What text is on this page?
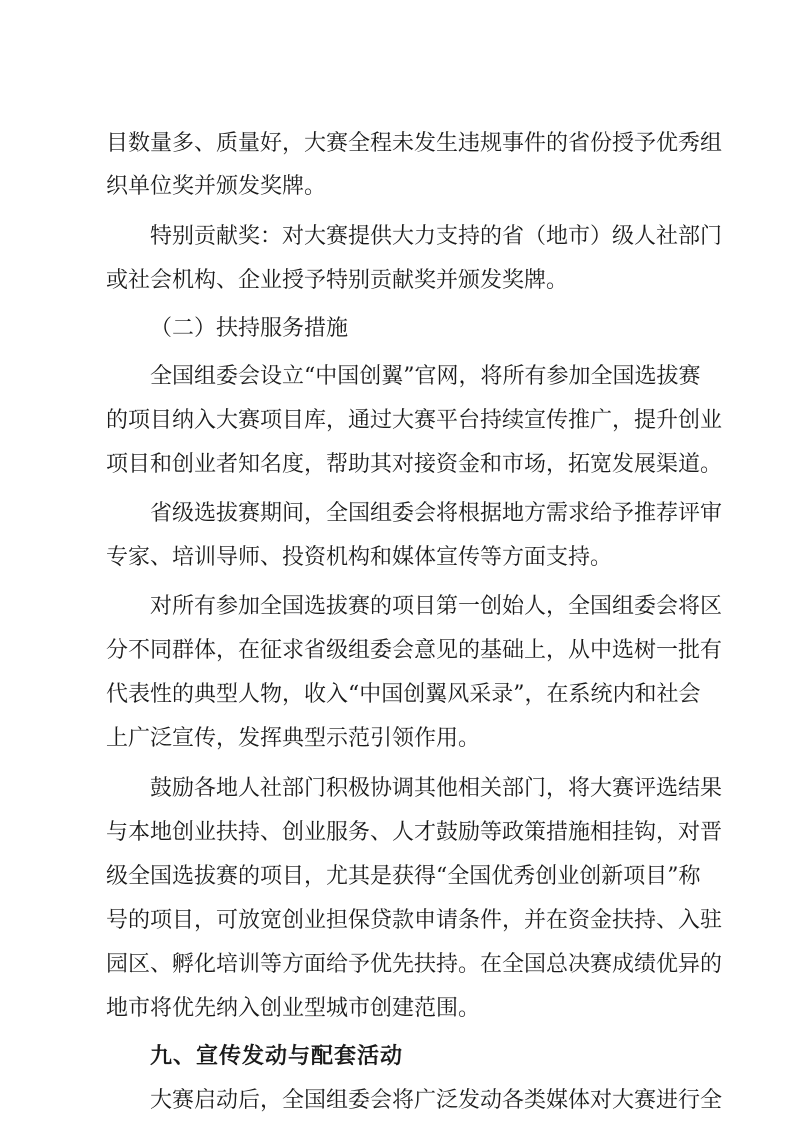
目数量多、质量好，大赛全程未发生违规事件的省份授予优秀组
织单位奖并颁发奖牌。
特别贡献奖：对大赛提供大力支持的省（地市）级人社部门
或社会机构、企业授予特别贡献奖并颁发奖牌。
（二）扶持服务措施
全国组委会设立“中国创翼”官网，将所有参加全国选拔赛
的项目纳入大赛项目库，通过大赛平台持续宣传推广，提升创业
项目和创业者知名度，帮助其对接资金和市场，拓宽发展渠道。
省级选拔赛期间，全国组委会将根据地方需求给予推荐评审
专家、培训导师、投资机构和媒体宣传等方面支持。
对所有参加全国选拔赛的项目第一创始人，全国组委会将区
分不同群体，在征求省级组委会意见的基础上，从中选树一批有
代表性的典型人物，收入“中国创翼风采录”，在系统内和社会
上广泛宣传，发挥典型示范引领作用。
鼓励各地人社部门积极协调其他相关部门，将大赛评选结果
与本地创业扶持、创业服务、人才鼓励等政策措施相挂钩，对晋
级全国选拔赛的项目，尤其是获得“全国优秀创业创新项目”称
号的项目，可放宽创业担保贷款申请条件，并在资金扶持、入驻
园区、孵化培训等方面给予优先扶持。在全国总决赛成绩优异的
地市将优先纳入创业型城市创建范围。
九、宣传发动与配套活动
大赛启动后，全国组委会将广泛发动各类媒体对大赛进行全
